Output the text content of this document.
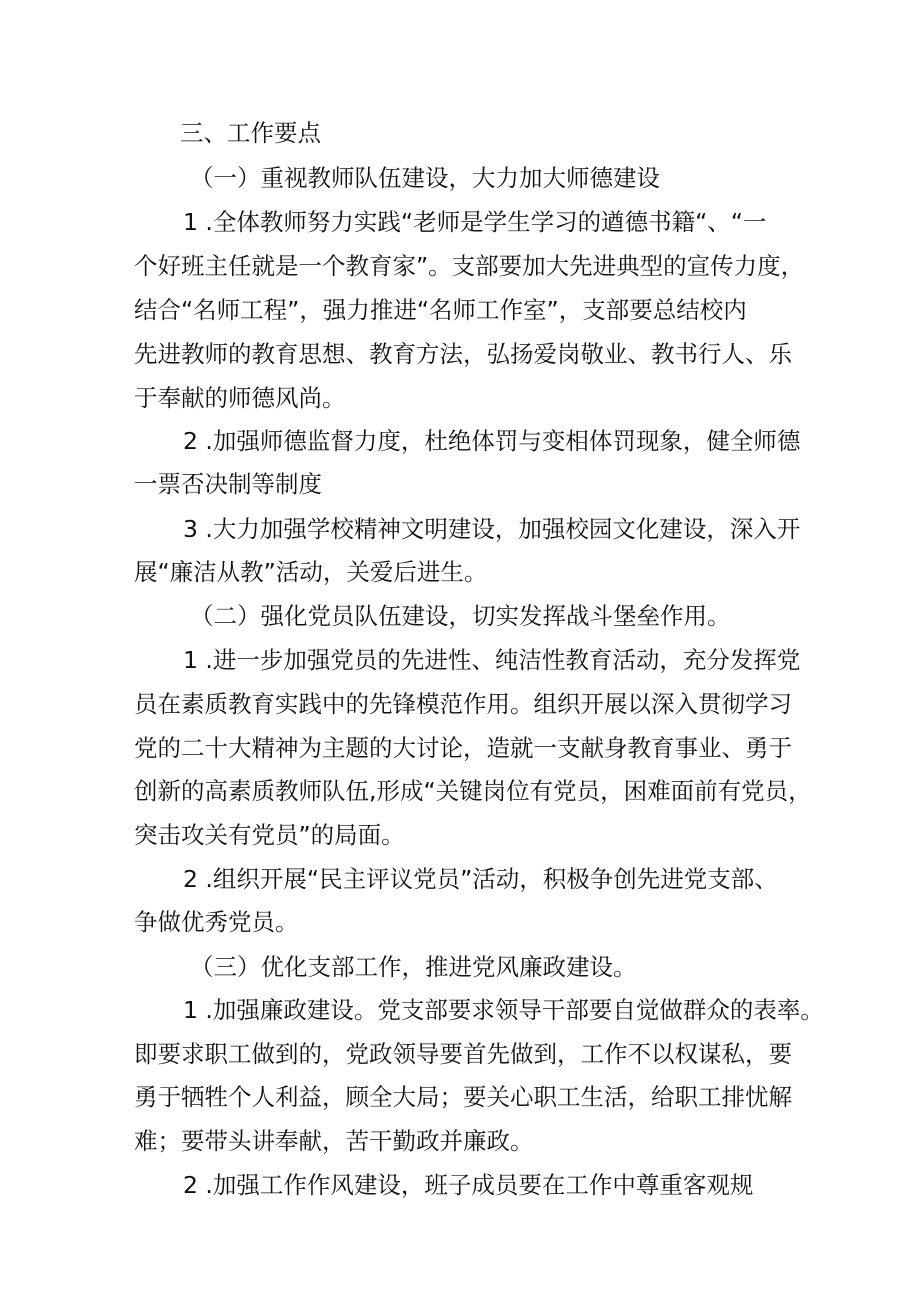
三、工作要点

（一）重视教师队伍建设，大力加大师德建设

1 .全体教师努力实践“老师是学生学习的遒德书籍“、“一

个好班主任就是一个教育家”。支部要加大先进典型的宣传力度，

结合“名师工程”，强力推进“名师工作室”，支部要总结校内

先进教师的教育思想、教育方法，弘扬爱岗敬业、教书行人、乐

于奉献的师德风尚。

2 .加强师德监督力度，杜绝体罚与变相体罚现象，健全师德

一票否决制等制度

3 .大力加强学校精神文明建设，加强校园文化建设，深入开

展“廉洁从教”活动，关爱后进生。

（二）强化党员队伍建设，切实发挥战斗堡垒作用。

1 .进一步加强党员的先进性、纯洁性教育活动，充分发挥党

员在素质教育实践中的先锋模范作用。组织开展以深入贯彻学习

党的二十大精神为主题的大讨论，造就一支献身教育事业、勇于

创新的高素质教师队伍,形成“关键岗位有党员，困难面前有党员，

突击攻关有党员”的局面。

2 .组织开展“民主评议党员”活动，积极争创先进党支部、

争做优秀党员。

（三）优化支部工作，推进党风廉政建设。

1 .加强廉政建设。党支部要求领导干部要自觉做群众的表率。

即要求职工做到的，党政领导要首先做到，工作不以权谋私，要

勇于牺牲个人利益，顾全大局；要关心职工生活，给职工排忧解

难；要带头讲奉献，苦干勤政并廉政。

2 .加强工作作风建设，班子成员要在工作中尊重客观规
